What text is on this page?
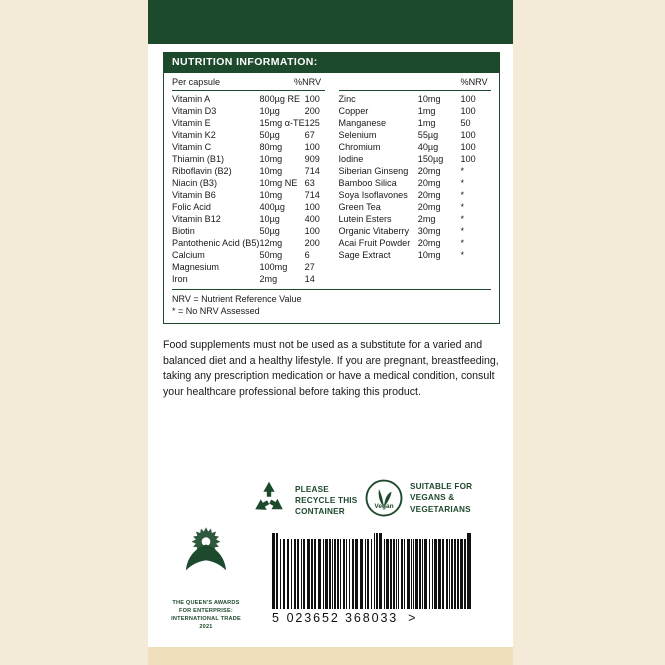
NUTRITION INFORMATION:
Per capsule		%NRV
Vitamin A	800µg RE	100
Vitamin D3	10µg	200
Vitamin E	15mg α-TE	125
Vitamin K2	50µg	67
Vitamin C	80mg	100
Thiamin (B1)	10mg	909
Riboflavin (B2)	10mg	714
Niacin (B3)	10mg NE	63
Vitamin B6	10mg	714
Folic Acid	400µg	100
Vitamin B12	10µg	400
Biotin	50µg	100
Pantothenic Acid (B5)	12mg	200
Calcium	50mg	6
Magnesium	100mg	27
Iron	2mg	14
		%NRV
Zinc	10mg	100
Copper	1mg	100
Manganese	1mg	50
Selenium	55µg	100
Chromium	40µg	100
Iodine	150µg	100
Siberian Ginseng	20mg	*
Bamboo Silica	20mg	*
Soya Isoflavones	20mg	*
Green Tea	20mg	*
Lutein Esters	2mg	*
Organic Vitaberry	30mg	*
Acai Fruit Powder	20mg	*
Sage Extract	10mg	*
NRV = Nutrient Reference Value
* = No NRV Assessed
Food supplements must not be used as a substitute for a varied and balanced diet and a healthy lifestyle. If you are pregnant, breastfeeding, taking any prescription medication or have a medical condition, consult your healthcare professional before taking this product.
PLEASE
RECYCLE THIS
CONTAINER
Vegan
SUITABLE FOR
VEGANS &
VEGETARIANS
THE QUEEN'S AWARDS
FOR ENTERPRISE:
INTERNATIONAL TRADE
2021
5 023652 368033 >
